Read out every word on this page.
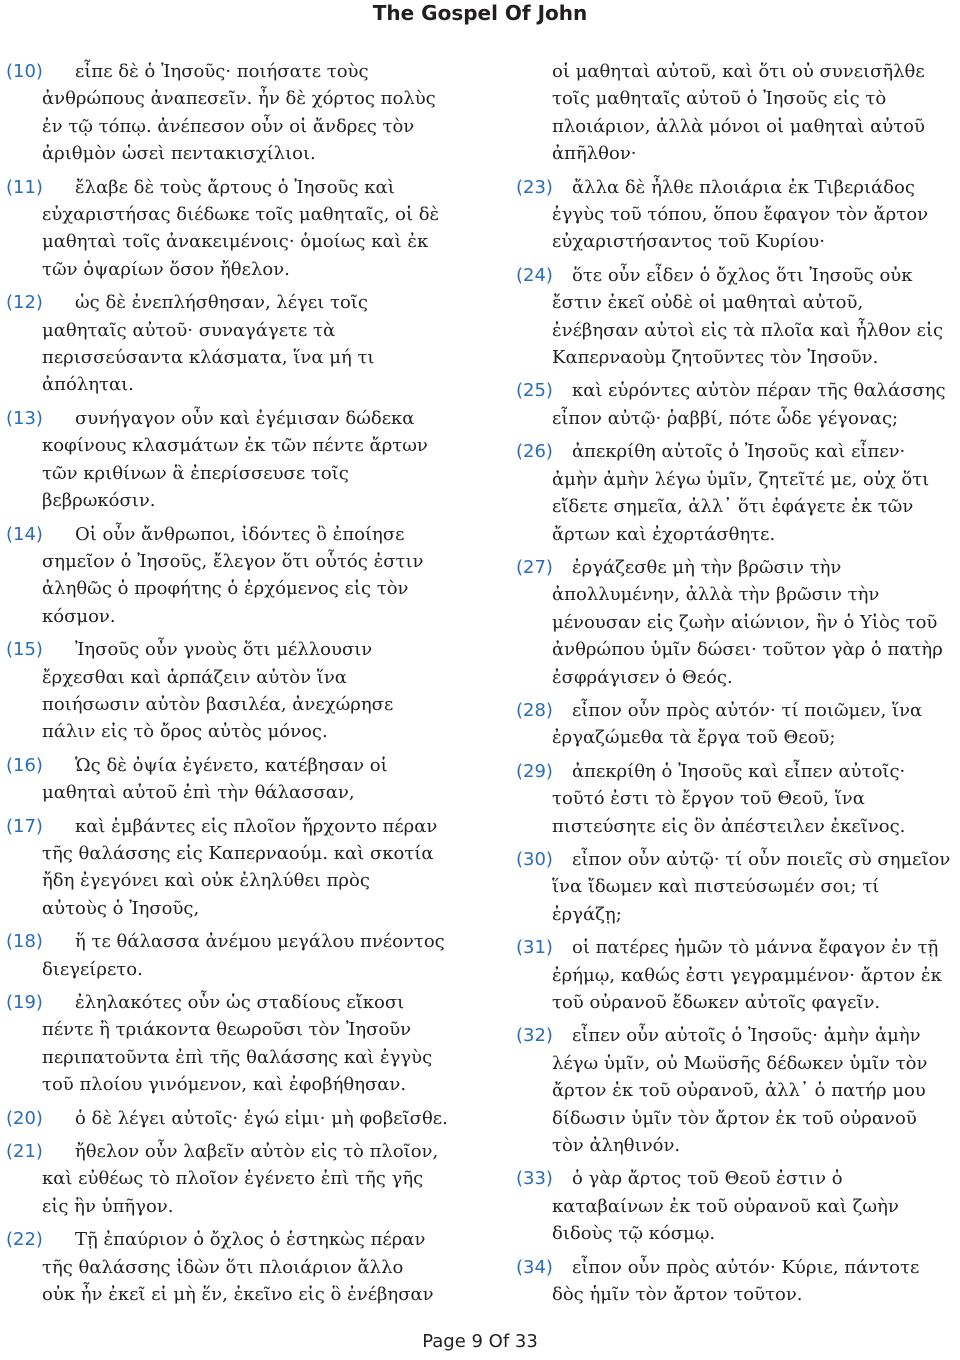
The Gospel Of John
(10)	εἶπε δὲ ὁ Ἰησοῦς· ποιήσατε τοὺς
ἀνθρώπους ἀναπεσεῖν. ἦν δὲ χόρτος πολὺς
ἐν τῷ τόπῳ. ἀνέπεσον οὖν οἱ ἄνδρες τὸν
ἀριθμὸν ὡσεὶ πεντακισχίλιοι.
(11)	ἔλαβε δὲ τοὺς ἄρτους ὁ Ἰησοῦς καὶ
εὐχαριστήσας διέδωκε τοῖς μαθηταῖς, οἱ δὲ
μαθηταὶ τοῖς ἀνακειμένοις· ὁμοίως καὶ ἐκ
τῶν ὀψαρίων ὅσον ἤθελον.
(12)	ὡς δὲ ἐνεπλήσθησαν, λέγει τοῖς
μαθηταῖς αὐτοῦ· συναγάγετε τὰ
περισσεύσαντα κλάσματα, ἵνα μή τι
ἀπόληται.
(13)	συνήγαγον οὖν καὶ ἐγέμισαν δώδεκα
κοφίνους κλασμάτων ἐκ τῶν πέντε ἄρτων
τῶν κριθίνων ἃ ἐπερίσσευσε τοῖς
βεβρωκόσιν.
(14)	Οἱ οὖν ἄνθρωποι, ἰδόντες ὃ ἐποίησε
σημεῖον ὁ Ἰησοῦς, ἔλεγον ὅτι οὗτός ἐστιν
ἀληθῶς ὁ προφήτης ὁ ἐρχόμενος εἰς τὸν
κόσμον.
(15)	Ἰησοῦς οὖν γνοὺς ὅτι μέλλουσιν
ἔρχεσθαι καὶ ἁρπάζειν αὐτὸν ἵνα
ποιήσωσιν αὐτὸν βασιλέα, ἀνεχώρησε
πάλιν εἰς τὸ ὄρος αὐτὸς μόνος.
(16)	Ὡς δὲ ὀψία ἐγένετο, κατέβησαν οἱ
μαθηταὶ αὐτοῦ ἐπὶ τὴν θάλασσαν,
(17)	καὶ ἐμβάντες εἰς πλοῖον ἤρχοντο πέραν
τῆς θαλάσσης εἰς Καπερναούμ. καὶ σκοτία
ἤδη ἐγεγόνει καὶ οὐκ ἐληλύθει πρὸς
αὐτοὺς ὁ Ἰησοῦς,
(18)	ἥ τε θάλασσα ἀνέμου μεγάλου πνέοντος
διεγείρετο.
(19)	ἐληλακότες οὖν ὡς σταδίους εἴκοσι
πέντε ἢ τριάκοντα θεωροῦσι τὸν Ἰησοῦν
περιπατοῦντα ἐπὶ τῆς θαλάσσης καὶ ἐγγὺς
τοῦ πλοίου γινόμενον, καὶ ἐφοβήθησαν.
(20)	ὁ δὲ λέγει αὐτοῖς· ἐγώ εἰμι· μὴ φοβεῖσθε.
(21)	ἤθελον οὖν λαβεῖν αὐτὸν εἰς τὸ πλοῖον,
καὶ εὐθέως τὸ πλοῖον ἐγένετο ἐπὶ τῆς γῆς
εἰς ἣν ὑπῆγον.
(22)	Τῇ ἐπαύριον ὁ ὄχλος ὁ ἑστηκὼς πέραν
τῆς θαλάσσης ἰδὼν ὅτι πλοιάριον ἄλλο
οὐκ ἦν ἐκεῖ εἰ μὴ ἕν, ἐκεῖνο εἰς ὃ ἐνέβησαν
οἱ μαθηταὶ αὐτοῦ, καὶ ὅτι οὐ συνεισῆλθε
τοῖς μαθηταῖς αὐτοῦ ὁ Ἰησοῦς εἰς τὸ
πλοιάριον, ἀλλὰ μόνοι οἱ μαθηταὶ αὐτοῦ
ἀπῆλθον·
(23)	ἄλλα δὲ ἦλθε πλοιάρια ἐκ Τιβεριάδος
ἐγγὺς τοῦ τόπου, ὅπου ἔφαγον τὸν ἄρτον
εὐχαριστήσαντος τοῦ Κυρίου·
(24)	ὅτε οὖν εἶδεν ὁ ὄχλος ὅτι Ἰησοῦς οὐκ
ἔστιν ἐκεῖ οὐδὲ οἱ μαθηταὶ αὐτοῦ,
ἐνέβησαν αὐτοὶ εἰς τὰ πλοῖα καὶ ἦλθον εἰς
Καπερναοὺμ ζητοῦντες τὸν Ἰησοῦν.
(25)	καὶ εὑρόντες αὐτὸν πέραν τῆς θαλάσσης
εἶπον αὐτῷ· ῥαββί, πότε ὧδε γέγονας;
(26)	ἀπεκρίθη αὐτοῖς ὁ Ἰησοῦς καὶ εἶπεν·
ἀμὴν ἀμὴν λέγω ὑμῖν, ζητεῖτέ με, οὐχ ὅτι
εἴδετε σημεῖα, ἀλλ᾿ ὅτι ἐφάγετε ἐκ τῶν
ἄρτων καὶ ἐχορτάσθητε.
(27)	ἐργάζεσθε μὴ τὴν βρῶσιν τὴν
ἀπολλυμένην, ἀλλὰ τὴν βρῶσιν τὴν
μένουσαν εἰς ζωὴν αἰώνιον, ἣν ὁ Υἱὸς τοῦ
ἀνθρώπου ὑμῖν δώσει· τοῦτον γὰρ ὁ πατὴρ
ἐσφράγισεν ὁ Θεός.
(28)	εἶπον οὖν πρὸς αὐτόν· τί ποιῶμεν, ἵνα
ἐργαζώμεθα τὰ ἔργα τοῦ Θεοῦ;
(29)	ἀπεκρίθη ὁ Ἰησοῦς καὶ εἶπεν αὐτοῖς·
τοῦτό ἐστι τὸ ἔργον τοῦ Θεοῦ, ἵνα
πιστεύσητε εἰς ὃν ἀπέστειλεν ἐκεῖνος.
(30)	εἶπον οὖν αὐτῷ· τί οὖν ποιεῖς σὺ σημεῖον
ἵνα ἴδωμεν καὶ πιστεύσωμέν σοι; τί
ἐργάζῃ;
(31)	οἱ πατέρες ἡμῶν τὸ μάννα ἔφαγον ἐν τῇ
ἐρήμῳ, καθώς ἐστι γεγραμμένον· ἄρτον ἐκ
τοῦ οὐρανοῦ ἔδωκεν αὐτοῖς φαγεῖν.
(32)	εἶπεν οὖν αὐτοῖς ὁ Ἰησοῦς· ἀμὴν ἀμὴν
λέγω ὑμῖν, οὐ Μωϋσῆς δέδωκεν ὑμῖν τὸν
ἄρτον ἐκ τοῦ οὐρανοῦ, ἀλλ᾿ ὁ πατήρ μου
δίδωσιν ὑμῖν τὸν ἄρτον ἐκ τοῦ οὐρανοῦ
τὸν ἀληθινόν.
(33)	ὁ γὰρ ἄρτος τοῦ Θεοῦ ἐστιν ὁ
καταβαίνων ἐκ τοῦ οὐρανοῦ καὶ ζωὴν
διδοὺς τῷ κόσμῳ.
(34)	εἶπον οὖν πρὸς αὐτόν· Κύριε, πάντοτε
δὸς ἡμῖν τὸν ἄρτον τοῦτον.
Page 9 Of 33
